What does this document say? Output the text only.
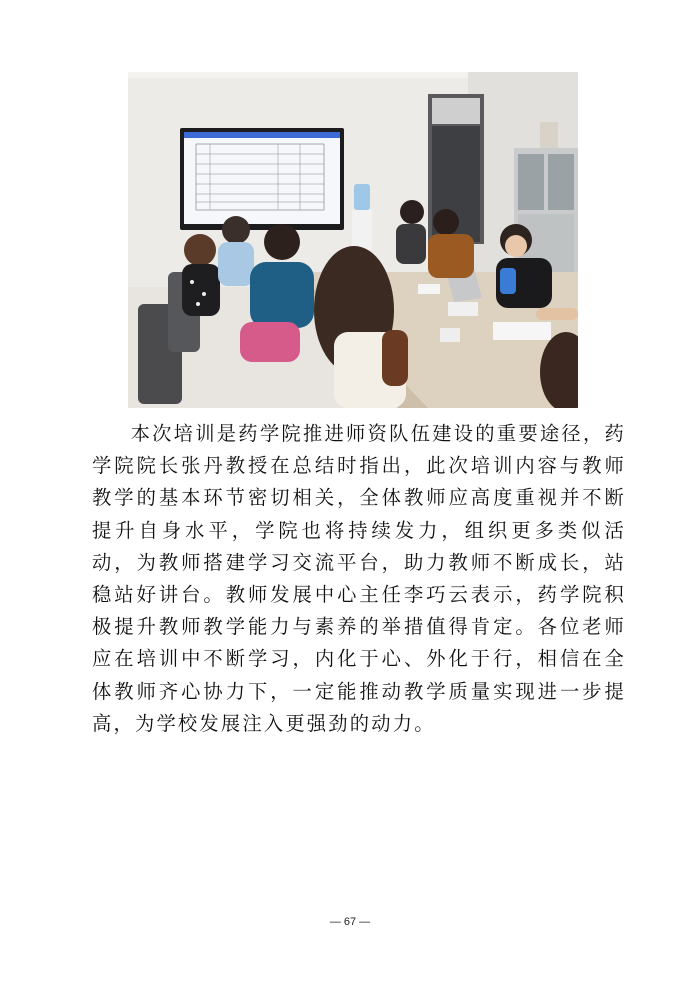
本次培训是药学院推进师资队伍建设的重要途径，药学院院长张丹教授在总结时指出，此次培训内容与教师教学的基本环节密切相关，全体教师应高度重视并不断提升自身水平，学院也将持续发力，组织更多类似活动，为教师搭建学习交流平台，助力教师不断成长，站稳站好讲台。教师发展中心主任李巧云表示，药学院积极提升教师教学能力与素养的举措值得肯定。各位老师应在培训中不断学习，内化于心、外化于行，相信在全体教师齐心协力下，一定能推动教学质量实现进一步提高，为学校发展注入更强劲的动力。

— 67 —
